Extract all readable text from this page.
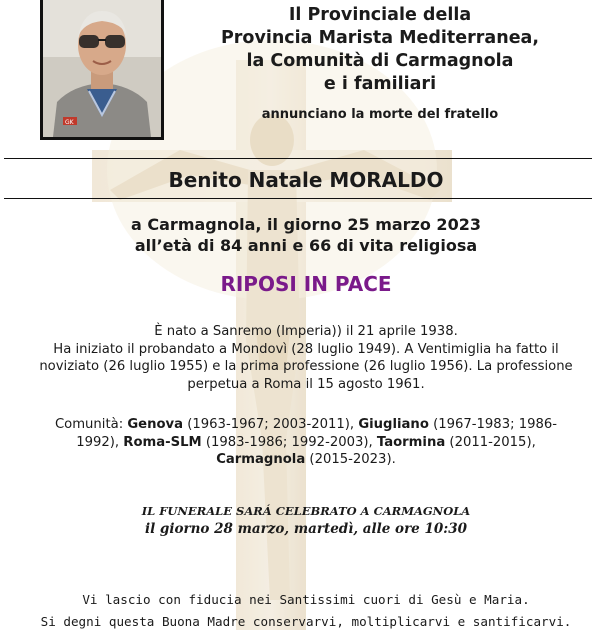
GK
Il Provinciale della
Provincia Marista Mediterranea,
la Comunità di Carmagnola
e i familiari
annunciano la morte del fratello
Benito Natale MORALDO
a Carmagnola, il giorno 25 marzo 2023
all’età di 84 anni e 66 di vita religiosa
RIPOSI IN PACE
È nato a Sanremo (Imperia)) il 21 aprile 1938.
Ha iniziato il probandato a Mondovì (28 luglio 1949). A Ventimiglia ha fatto il
noviziato (26 luglio 1955) e la prima professione (26 luglio 1956). La professione
perpetua a Roma il 15 agosto 1961.
Comunità: Genova (1963-1967; 2003-2011), Giugliano (1967-1983; 1986-
1992), Roma-SLM (1983-1986; 1992-2003), Taormina (2011-2015),
Carmagnola (2015-2023).
IL FUNERALE SARÁ CELEBRATO A CARMAGNOLA
il giorno 28 marzo, martedì, alle ore 10:30
Vi lascio con fiducia nei Santissimi cuori di Gesù e Maria.
Si degni questa Buona Madre conservarvi, moltiplicarvi e santificarvi.
